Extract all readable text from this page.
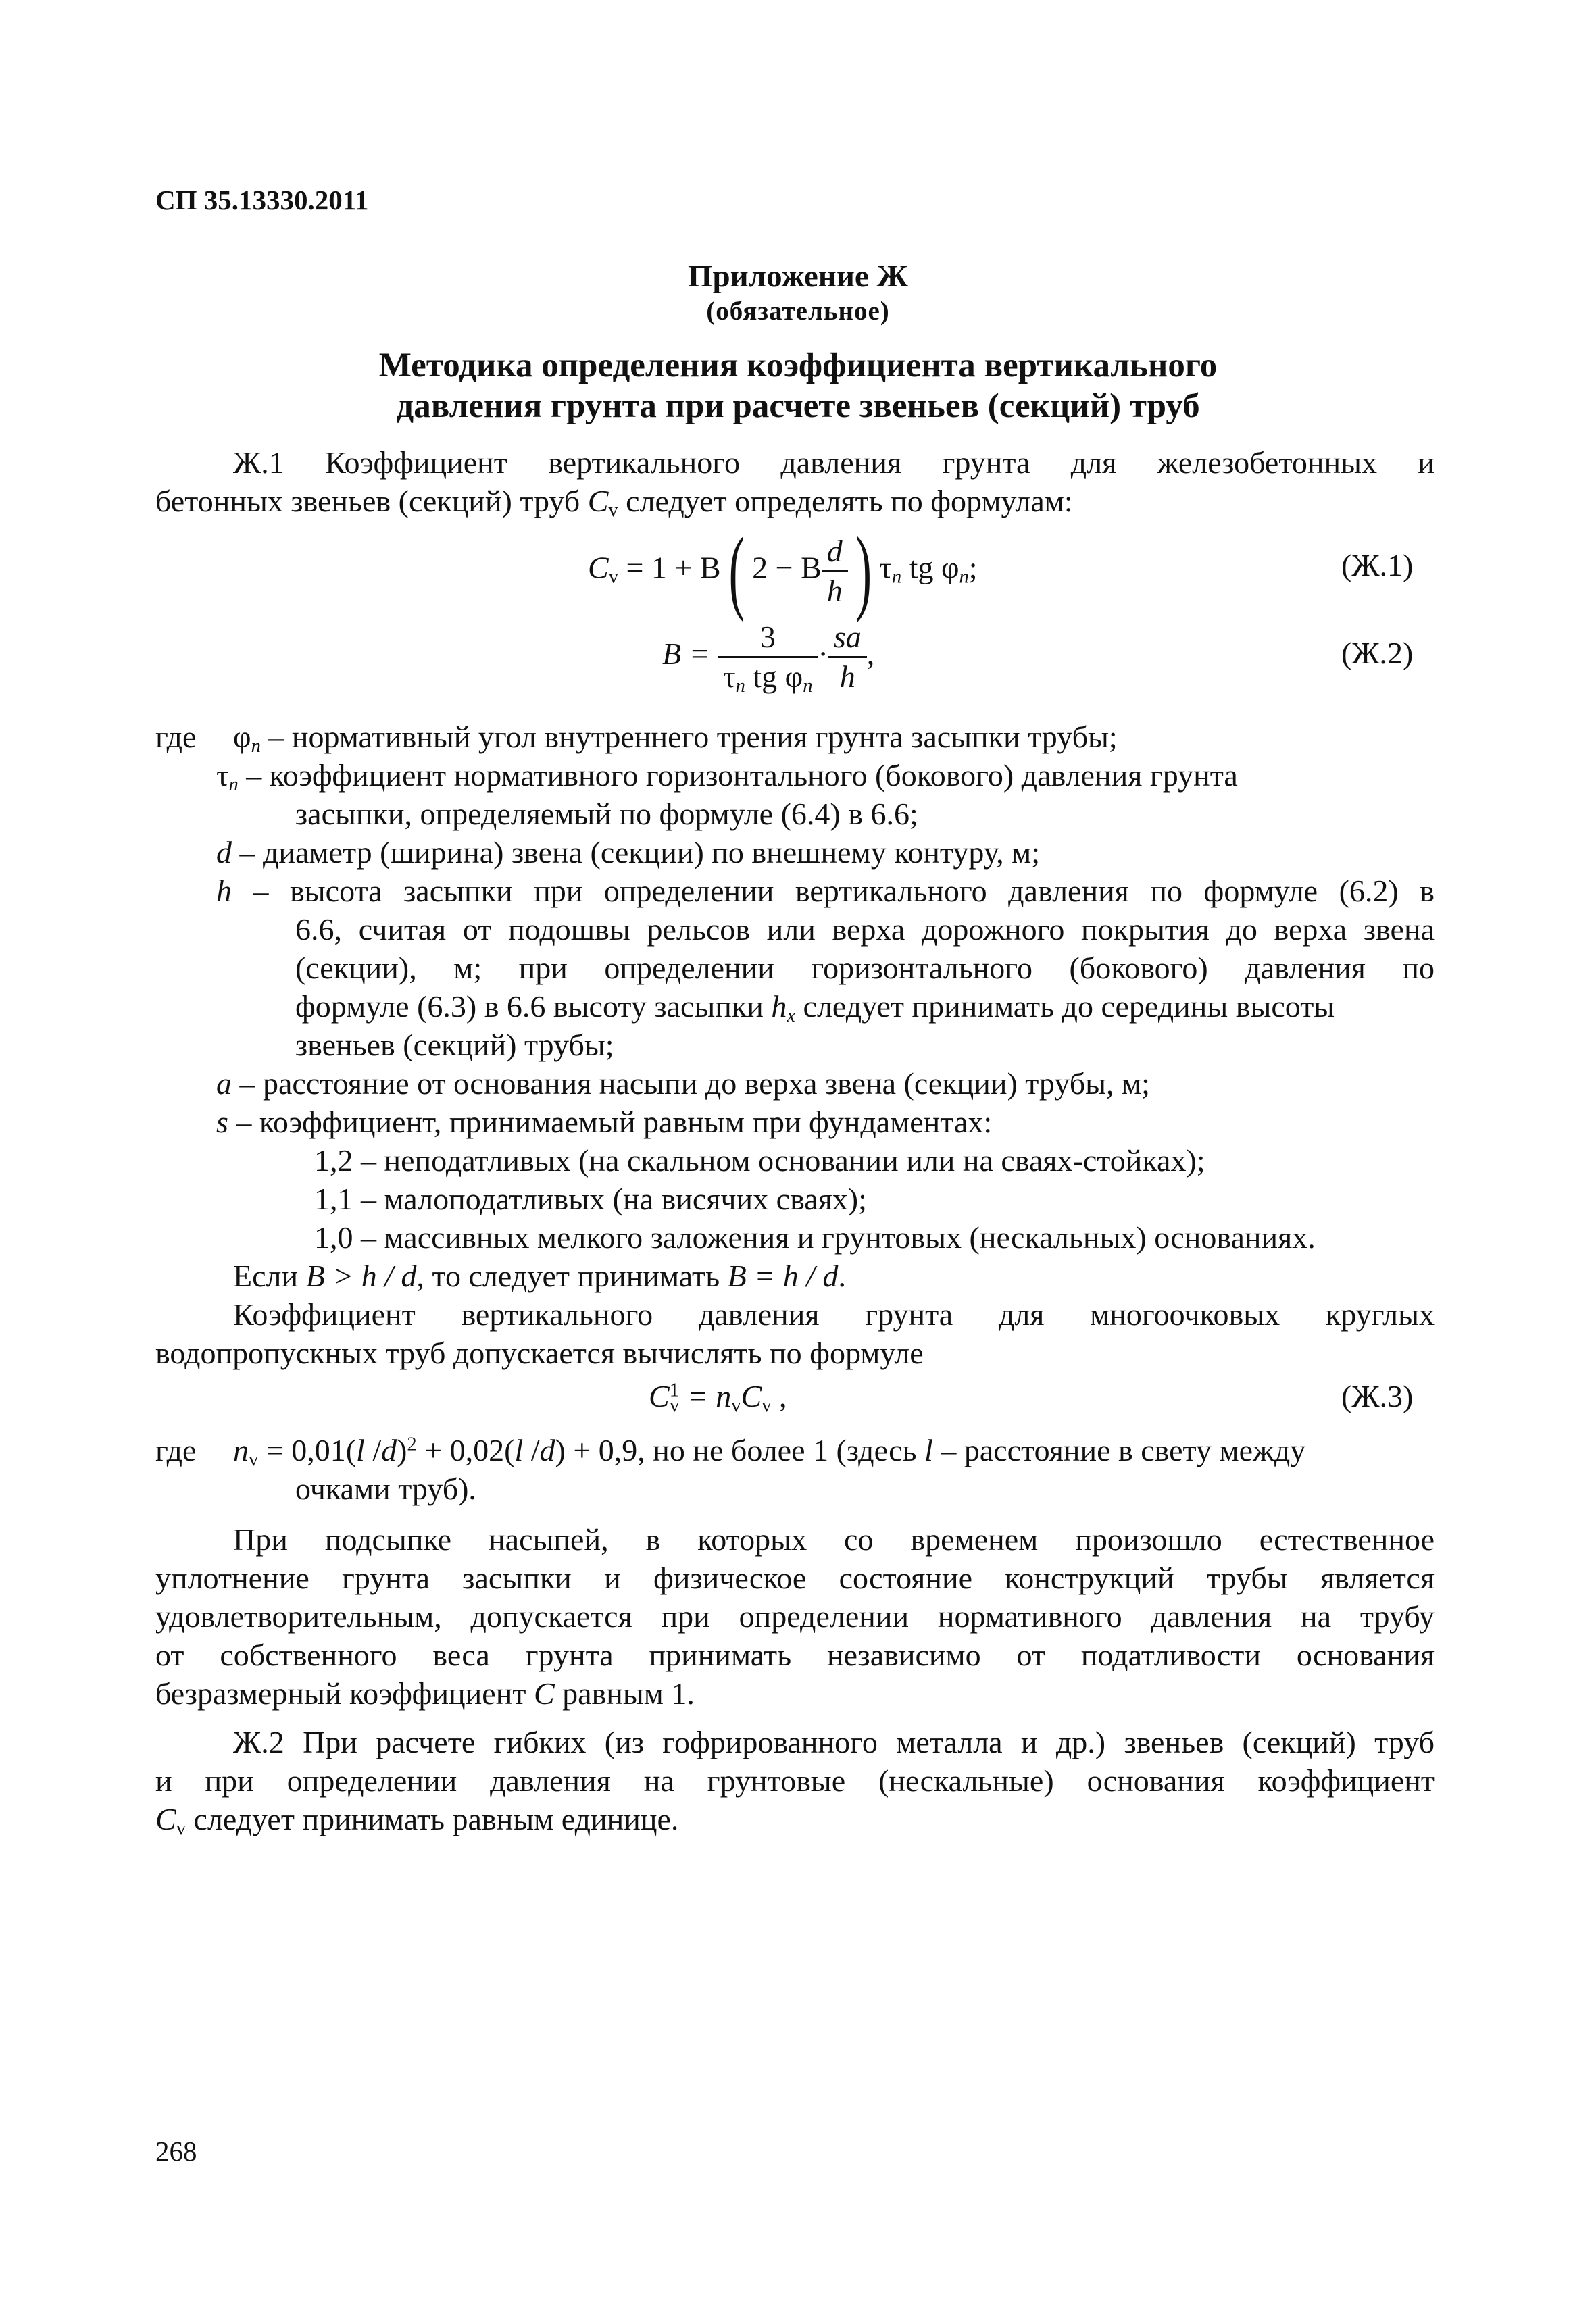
СП 35.13330.2011
Приложение Ж
(обязательное)
Методика определения коэффициента вертикального
давления грунта при расчете звеньев (секций) труб
Ж.1 Коэффициент вертикального давления грунта для железобетонных и
бетонных звеньев (секций) труб $C_v$ следует определять по формулам:
$C_v = 1 + B$( 2 − B $\frac{d}{h}$ ) $\tau_n$ tg $\varphi_n$;	(Ж.1)
$B = \frac{3}{\tau_n tg \varphi_n} \cdot \frac{sa}{h}$ ,	(Ж.2)
где $\varphi_n$ – нормативный угол внутреннего трения грунта засыпки трубы;
$\tau_n$ – коэффициент нормативного горизонтального (бокового) давления грунта
засыпки, определяемый по формуле (6.4) в 6.6;
d – диаметр (ширина) звена (секции) по внешнему контуру, м;
h – высота засыпки при определении вертикального давления по формуле (6.2) в
6.6, считая от подошвы рельсов или верха дорожного покрытия до верха звена
(секции), м; при определении горизонтального (бокового) давления по
формуле (6.3) в 6.6 высоту засыпки $h_x$ следует принимать до середины высоты
звеньев (секций) трубы;
a – расстояние от основания насыпи до верха звена (секции) трубы, м;
s – коэффициент, принимаемый равным при фундаментах:
1,2 – неподатливых (на скальном основании или на сваях-стойках);
1,1 – малоподатливых (на висячих сваях);
1,0 – массивных мелкого заложения и грунтовых (нескальных) основаниях.
Если B > h / d, то следует принимать B = h / d.
Коэффициент вертикального давления грунта для многоочковых круглых
водопропускных труб допускается вычислять по формуле
$C^1_v = n_vC_v$ ,	(Ж.3)
где $n_v = 0,01(l$ /d)$^2$ + 0,02(l /d) + 0,9, но не более 1 (здесь l – расстояние в свету между
очками труб).
При подсыпке насыпей, в которых со временем произошло естественное
уплотнение грунта засыпки и физическое состояние конструкций трубы является
удовлетворительным, допускается при определении нормативного давления на трубу
от собственного веса грунта принимать независимо от податливости основания
безразмерный коэффициент C равным 1.
Ж.2 При расчете гибких (из гофрированного металла и др.) звеньев (секций) труб
и при определении давления на грунтовые (нескальные) основания коэффициент
$C_v$ следует принимать равным единице.
268
